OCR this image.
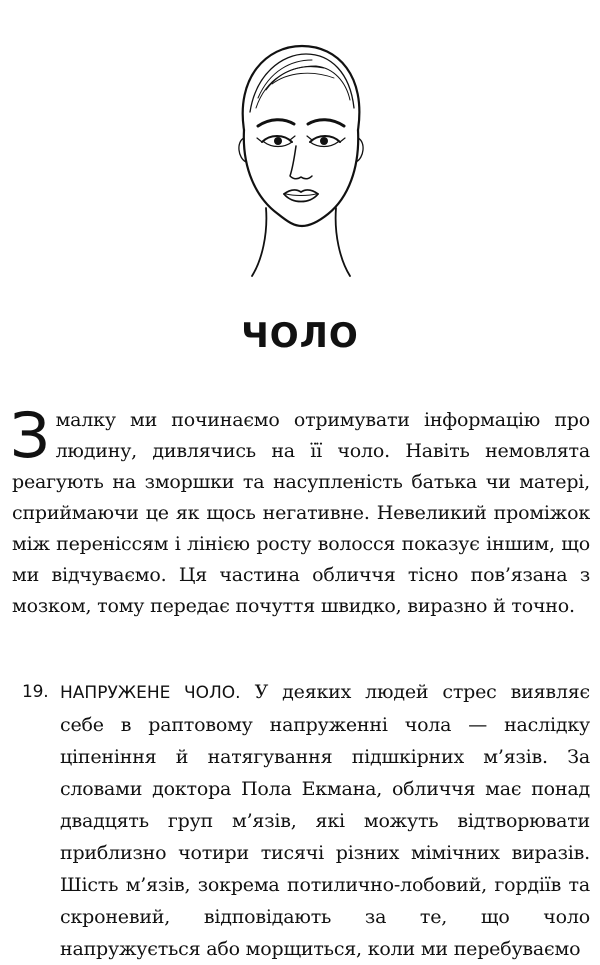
ЧОЛО

Змалку ми починаємо отримувати інформацію про людину, дивлячись на її чоло. Навіть немовлята реагують на зморшки та насупленість батька чи матері, сприймаючи це як щось негативне. Невеликий проміжок між переніссям і лінією росту волосся показує іншим, що ми відчуваємо. Ця частина обличчя тісно пов’язана з мозком, тому передає почуття швидко, виразно й точно.

19. НАПРУЖЕНЕ ЧОЛО. У деяких людей стрес виявляє себе в раптовому напруженні чола — наслідку ціпеніння й натягування підшкірних м’язів. За словами доктора Пола Екмана, обличчя має понад двадцять груп м’язів, які можуть відтворювати приблизно чотири тисячі різних мімічних виразів. Шість м’язів, зокрема потилично-лобовий, гордіїв та скроневий, відповідають за те, що чоло напружується або морщиться, коли ми перебуваємо
